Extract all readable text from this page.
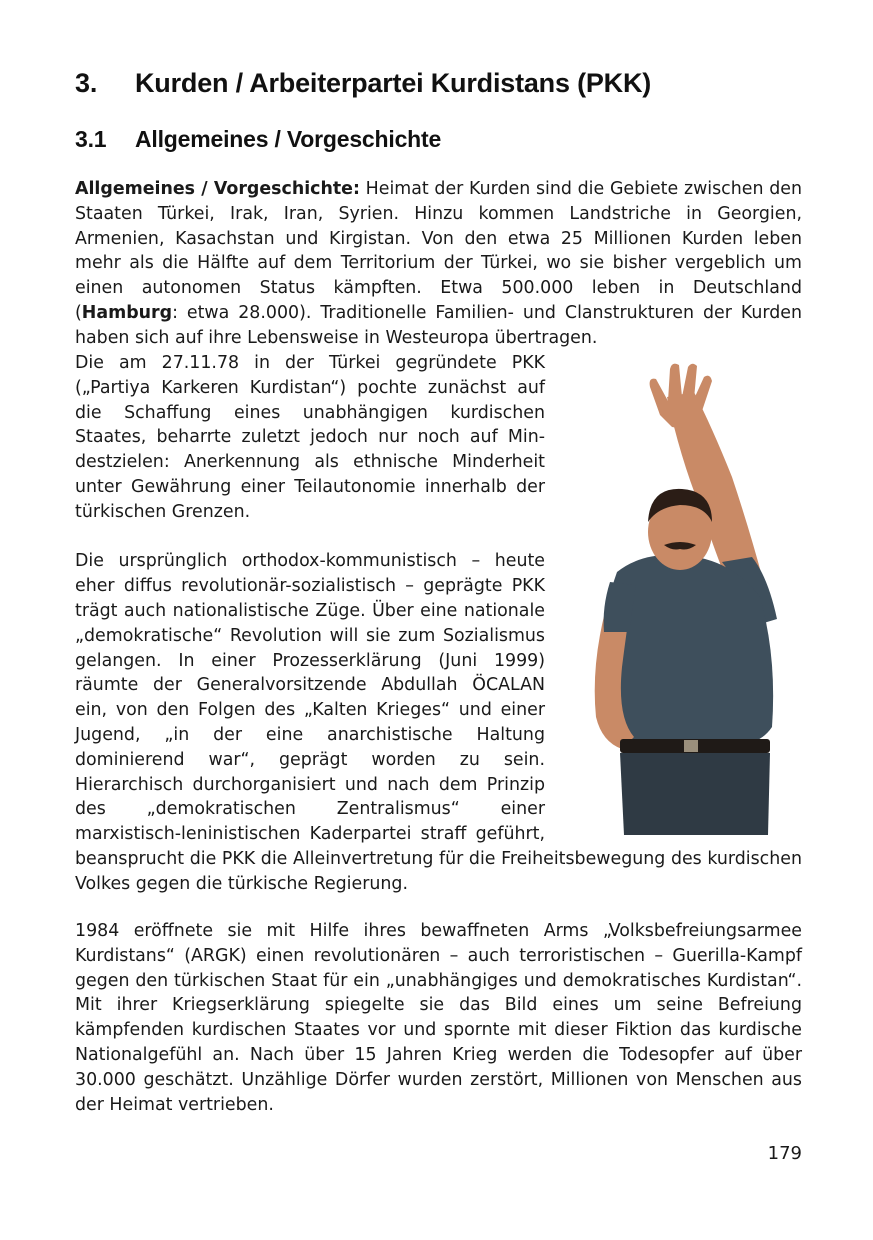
3. Kurden / Arbeiterpartei Kurdistans (PKK)
3.1 Allgemeines / Vorgeschichte

Allgemeines / Vorgeschichte: Heimat der Kurden sind die Gebiete zwischen den Staaten Türkei, Irak, Iran, Syrien. Hinzu kommen Landstriche in Georgien, Armenien, Kasachstan und Kirgistan. Von den etwa 25 Millionen Kurden leben mehr als die Hälfte auf dem Territorium der Türkei, wo sie bisher vergeblich um einen autonomen Status kämpften. Etwa 500.000 leben in Deutschland (Hamburg: etwa 28.000). Traditionelle Familien- und Clanstrukturen der Kurden haben sich auf ihre Lebensweise in Westeuropa übertragen.

Die am 27.11.78 in der Türkei gegründete PKK („Partiya Karkeren Kurdistan“) pochte zunächst auf die Schaffung eines unabhängigen kurdischen Staates, beharrte zuletzt jedoch nur noch auf Mindestzielen: Anerkennung als ethnische Minderheit unter Gewährung einer Teilautonomie innerhalb der türkischen Grenzen.

Die ursprünglich orthodox-kommunistisch – heute eher diffus revolutionär-sozialistisch – geprägte PKK trägt auch nationalistische Züge. Über eine nationale „demokratische“ Revolution will sie zum Sozialismus gelangen. In einer Prozesserklärung (Juni 1999) räumte der Generalvorsitzende Abdullah ÖCALAN ein, von den Folgen des „Kalten Krieges“ und einer Jugend, „in der eine anarchistische Haltung dominierend war“, geprägt worden zu sein. Hierarchisch durchorganisiert und nach dem Prinzip des „demokratischen Zentralismus“ einer marxistisch-leninistischen Kaderpartei straff geführt, beansprucht die PKK die Alleinvertretung für die Freiheitsbewegung des kurdischen Volkes gegen die türkische Regierung.

1984 eröffnete sie mit Hilfe ihres bewaffneten Arms „Volksbefreiungsarmee Kurdistans“ (ARGK) einen revolutionären – auch terroristischen – Guerilla-Kampf gegen den türkischen Staat für ein „unabhängiges und demokratisches Kurdistan“. Mit ihrer Kriegserklärung spiegelte sie das Bild eines um seine Befreiung kämpfenden kurdischen Staates vor und spornte mit dieser Fiktion das kurdische Nationalgefühl an. Nach über 15 Jahren Krieg werden die Todesopfer auf über 30.000 geschätzt. Unzählige Dörfer wurden zerstört, Millionen von Menschen aus der Heimat vertrieben.

179
